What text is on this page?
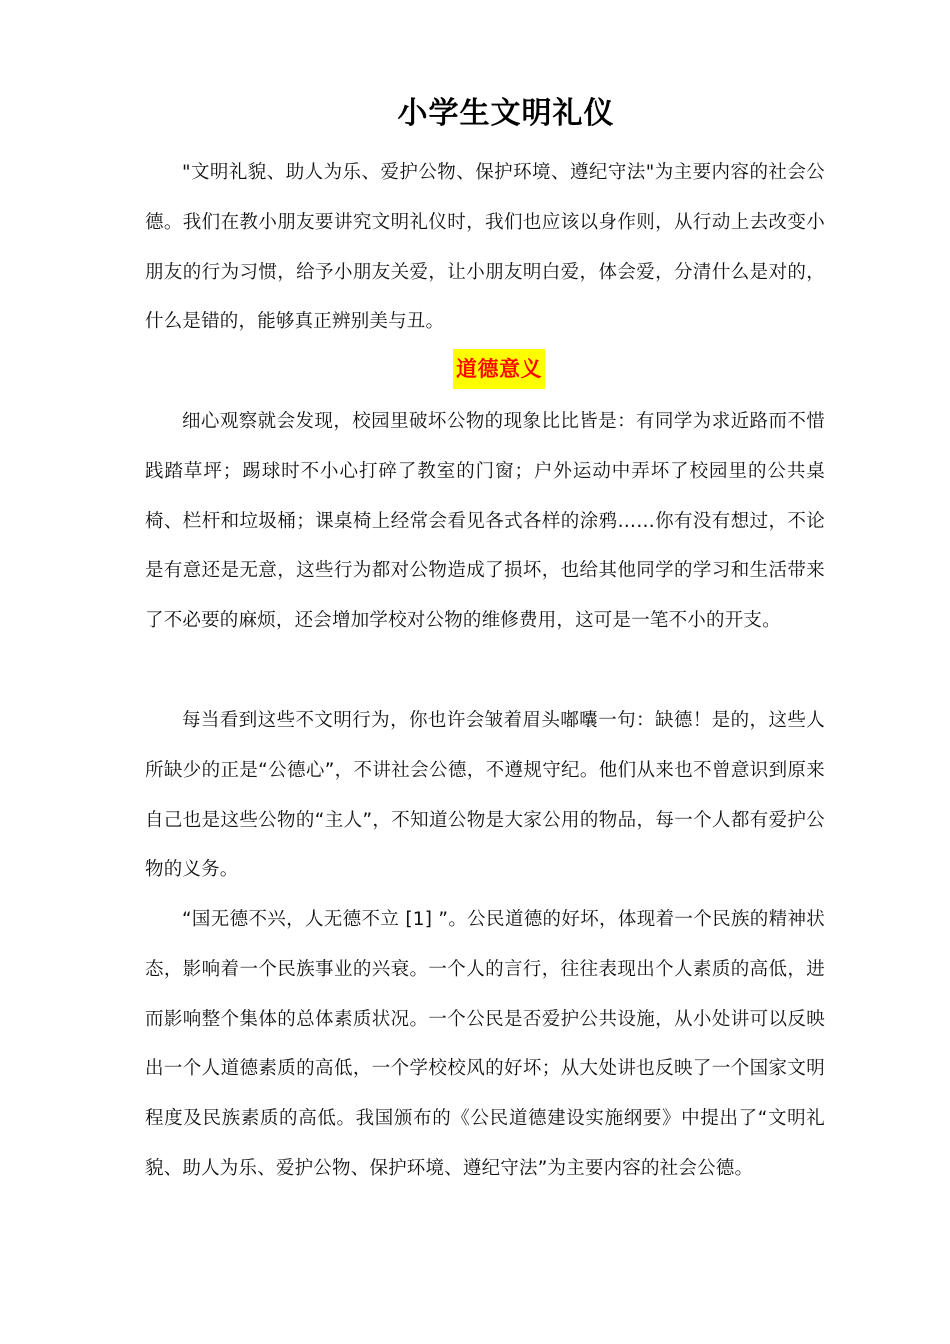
小学生文明礼仪

"文明礼貌、助人为乐、爱护公物、保护环境、遵纪守法"为主要内容的社会公德。我们在教小朋友要讲究文明礼仪时，我们也应该以身作则，从行动上去改变小朋友的行为习惯，给予小朋友关爱，让小朋友明白爱，体会爱，分清什么是对的，什么是错的，能够真正辨别美与丑。

道德意义

细心观察就会发现，校园里破坏公物的现象比比皆是：有同学为求近路而不惜践踏草坪；踢球时不小心打碎了教室的门窗；户外运动中弄坏了校园里的公共桌椅、栏杆和垃圾桶；课桌椅上经常会看见各式各样的涂鸦……你有没有想过，不论是有意还是无意，这些行为都对公物造成了损坏，也给其他同学的学习和生活带来了不必要的麻烦，还会增加学校对公物的维修费用，这可是一笔不小的开支。

每当看到这些不文明行为，你也许会皱着眉头嘟囔一句：缺德！是的，这些人所缺少的正是“公德心”，不讲社会公德，不遵规守纪。他们从来也不曾意识到原来自己也是这些公物的“主人”，不知道公物是大家公用的物品，每一个人都有爱护公物的义务。

“国无德不兴，人无德不立 [1] ”。公民道德的好坏，体现着一个民族的精神状态，影响着一个民族事业的兴衰。一个人的言行，往往表现出个人素质的高低，进而影响整个集体的总体素质状况。一个公民是否爱护公共设施，从小处讲可以反映出一个人道德素质的高低，一个学校校风的好坏；从大处讲也反映了一个国家文明程度及民族素质的高低。我国颁布的《公民道德建设实施纲要》中提出了“文明礼貌、助人为乐、爱护公物、保护环境、遵纪守法”为主要内容的社会公德。
